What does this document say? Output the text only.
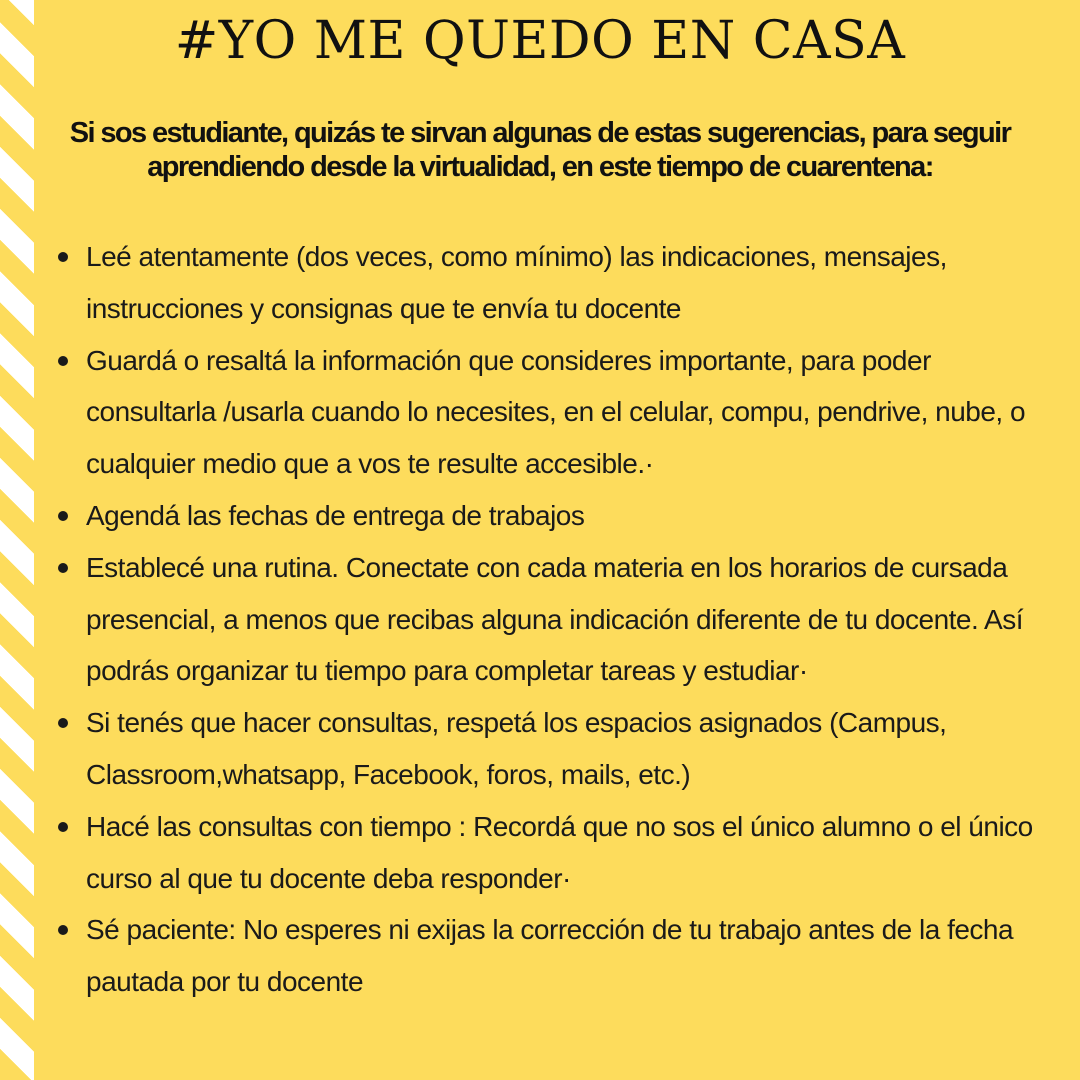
#YO ME QUEDO EN CASA

Si sos estudiante, quizás te sirvan algunas de estas sugerencias, para seguir aprendiendo desde la virtualidad, en este tiempo de cuarentena:

Leé atentamente (dos veces, como mínimo) las indicaciones, mensajes, instrucciones y consignas que te envía tu docente
Guardá o resaltá la información que consideres importante, para poder consultarla /usarla cuando lo necesites, en el celular, compu, pendrive, nube, o cualquier medio que a vos te resulte accesible.·
Agendá las fechas de entrega de trabajos
Establecé una rutina. Conectate con cada materia en los horarios de cursada presencial, a menos que recibas alguna indicación diferente de tu docente. Así podrás organizar tu tiempo para completar tareas y estudiar·
Si tenés que hacer consultas, respetá los espacios asignados (Campus, Classroom,whatsapp, Facebook, foros, mails, etc.)
Hacé las consultas con tiempo : Recordá que no sos el único alumno o el único curso al que tu docente deba responder·
Sé paciente: No esperes ni exijas la corrección de tu trabajo antes de la fecha pautada por tu docente
